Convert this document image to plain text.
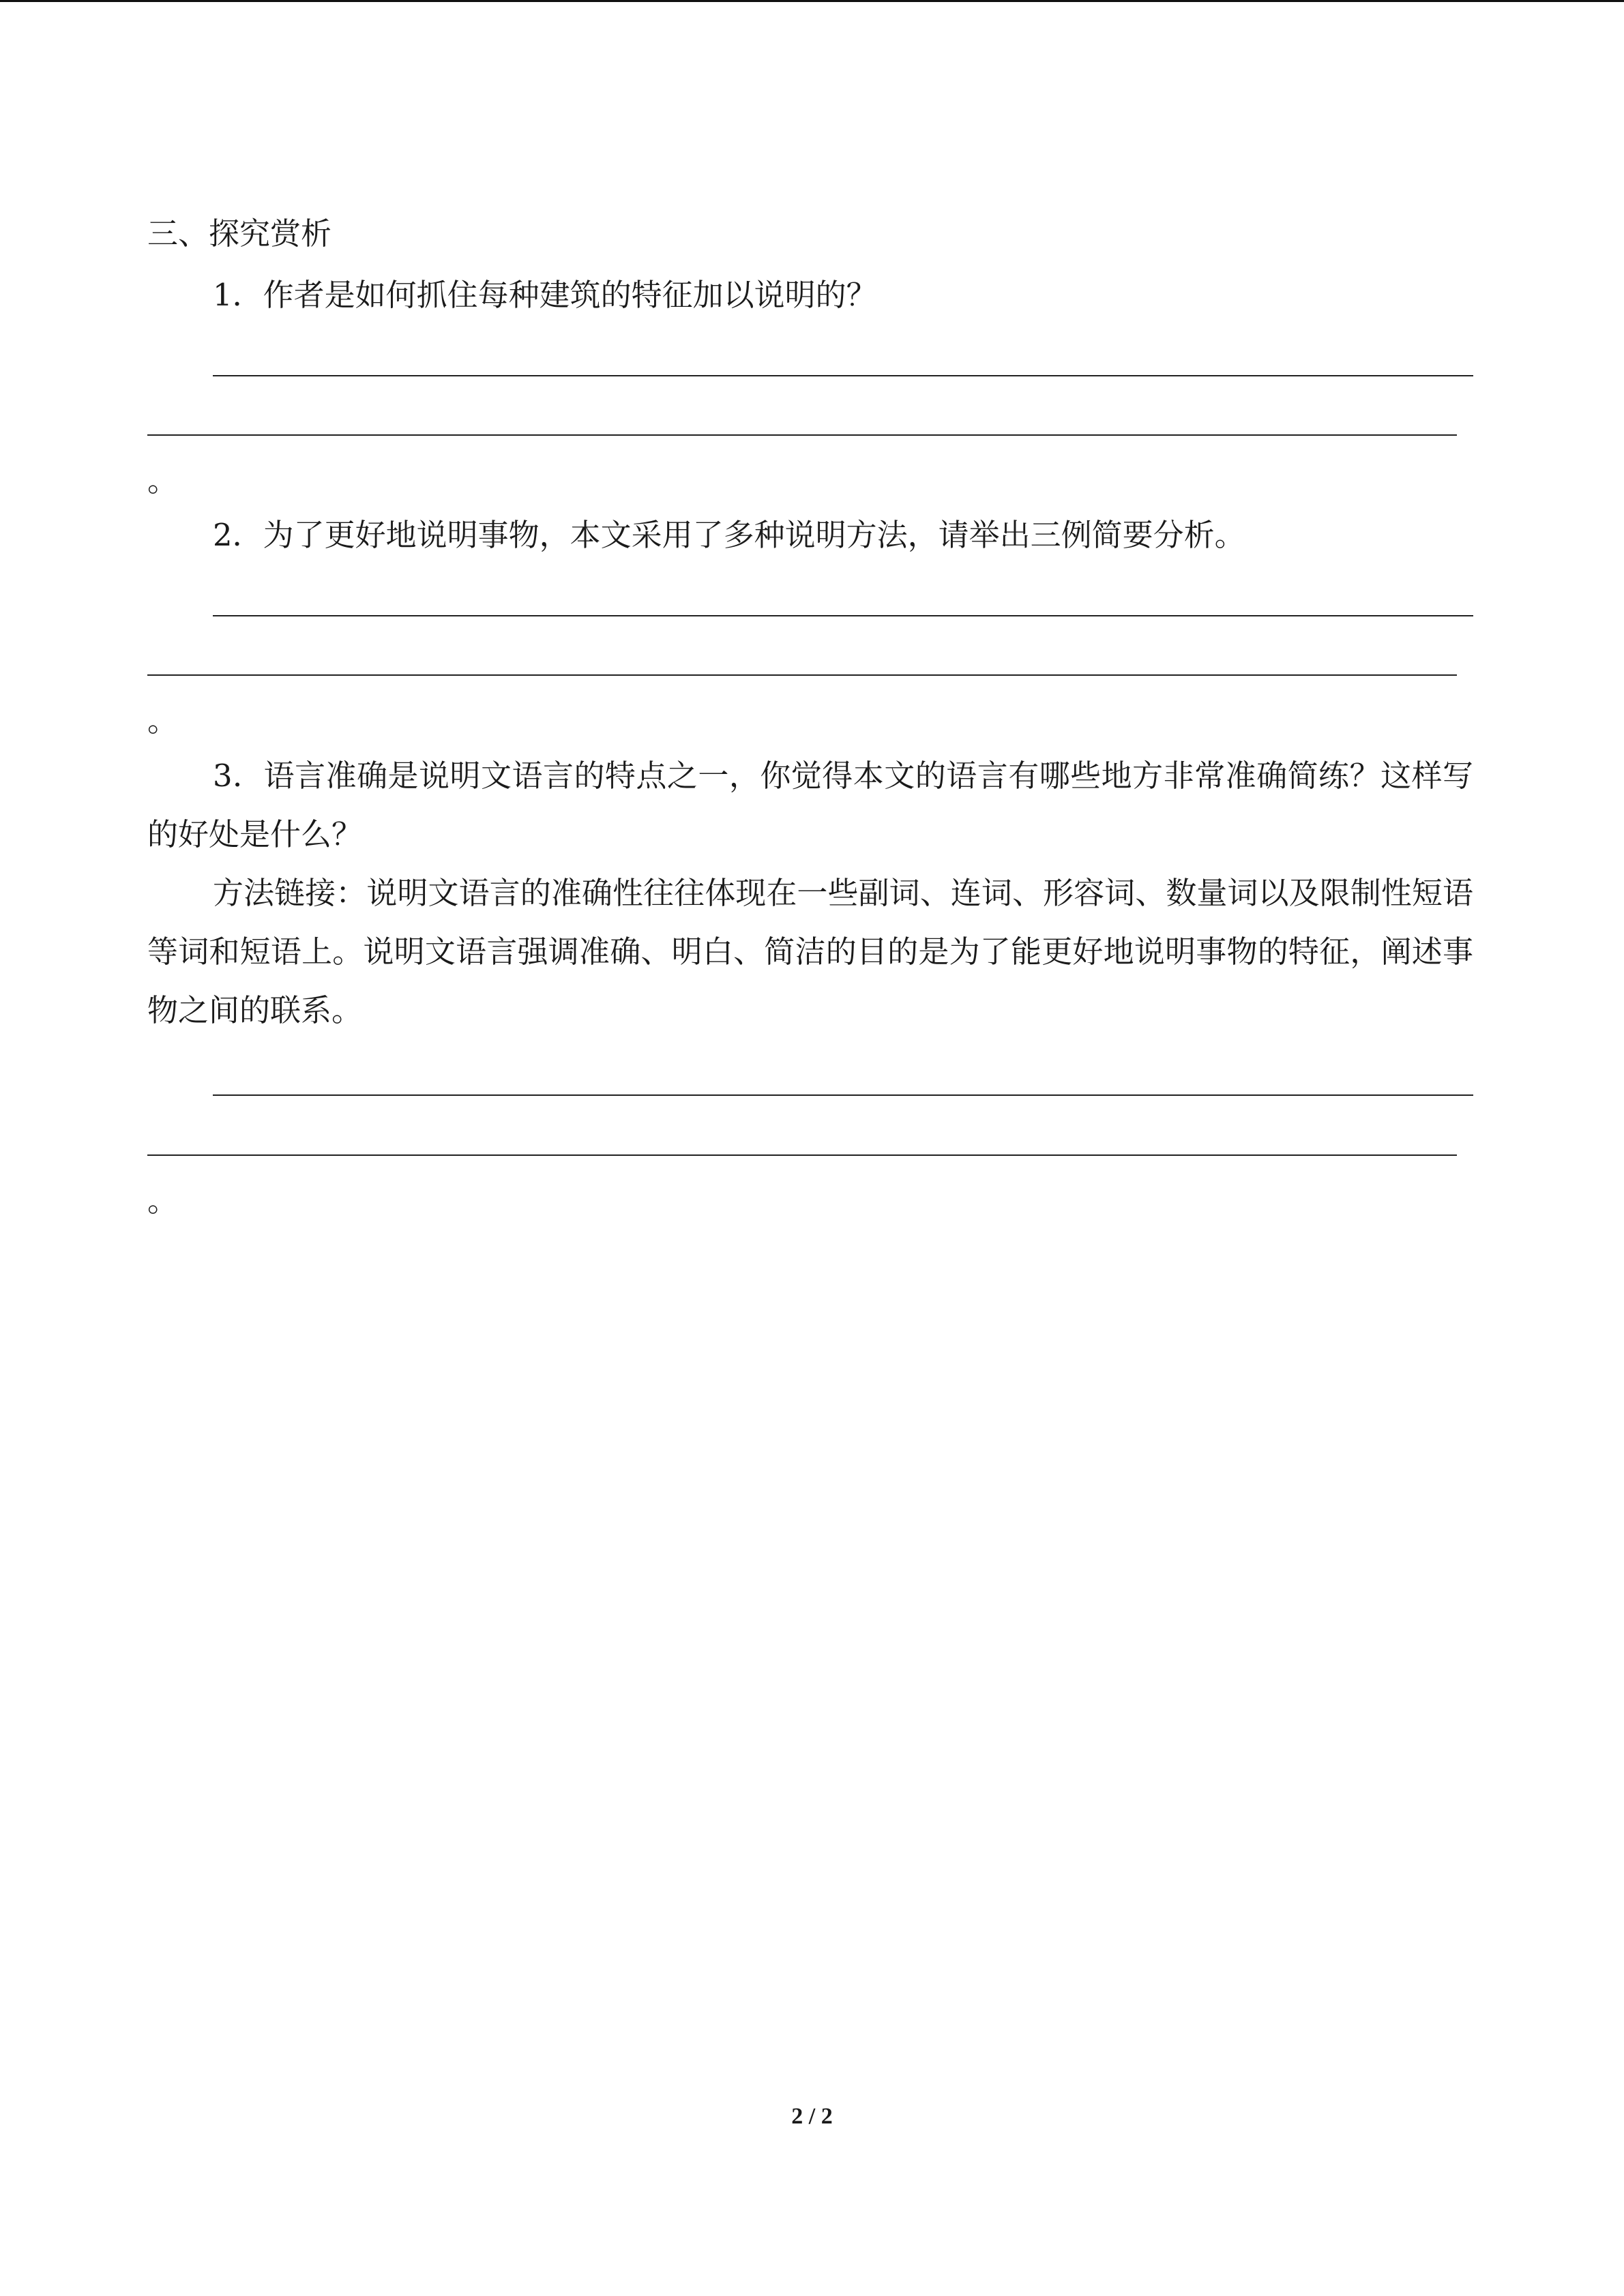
三、探究赏析
1．作者是如何抓住每种建筑的特征加以说明的？
。
2．为了更好地说明事物，本文采用了多种说明方法，请举出三例简要分析。
。
3．语言准确是说明文语言的特点之一，你觉得本文的语言有哪些地方非常准确简练？这样写的好处是什么？
方法链接：说明文语言的准确性往往体现在一些副词、连词、形容词、数量词以及限制性短语等词和短语上。说明文语言强调准确、明白、简洁的目的是为了能更好地说明事物的特征，阐述事物之间的联系。
。
2 / 2
